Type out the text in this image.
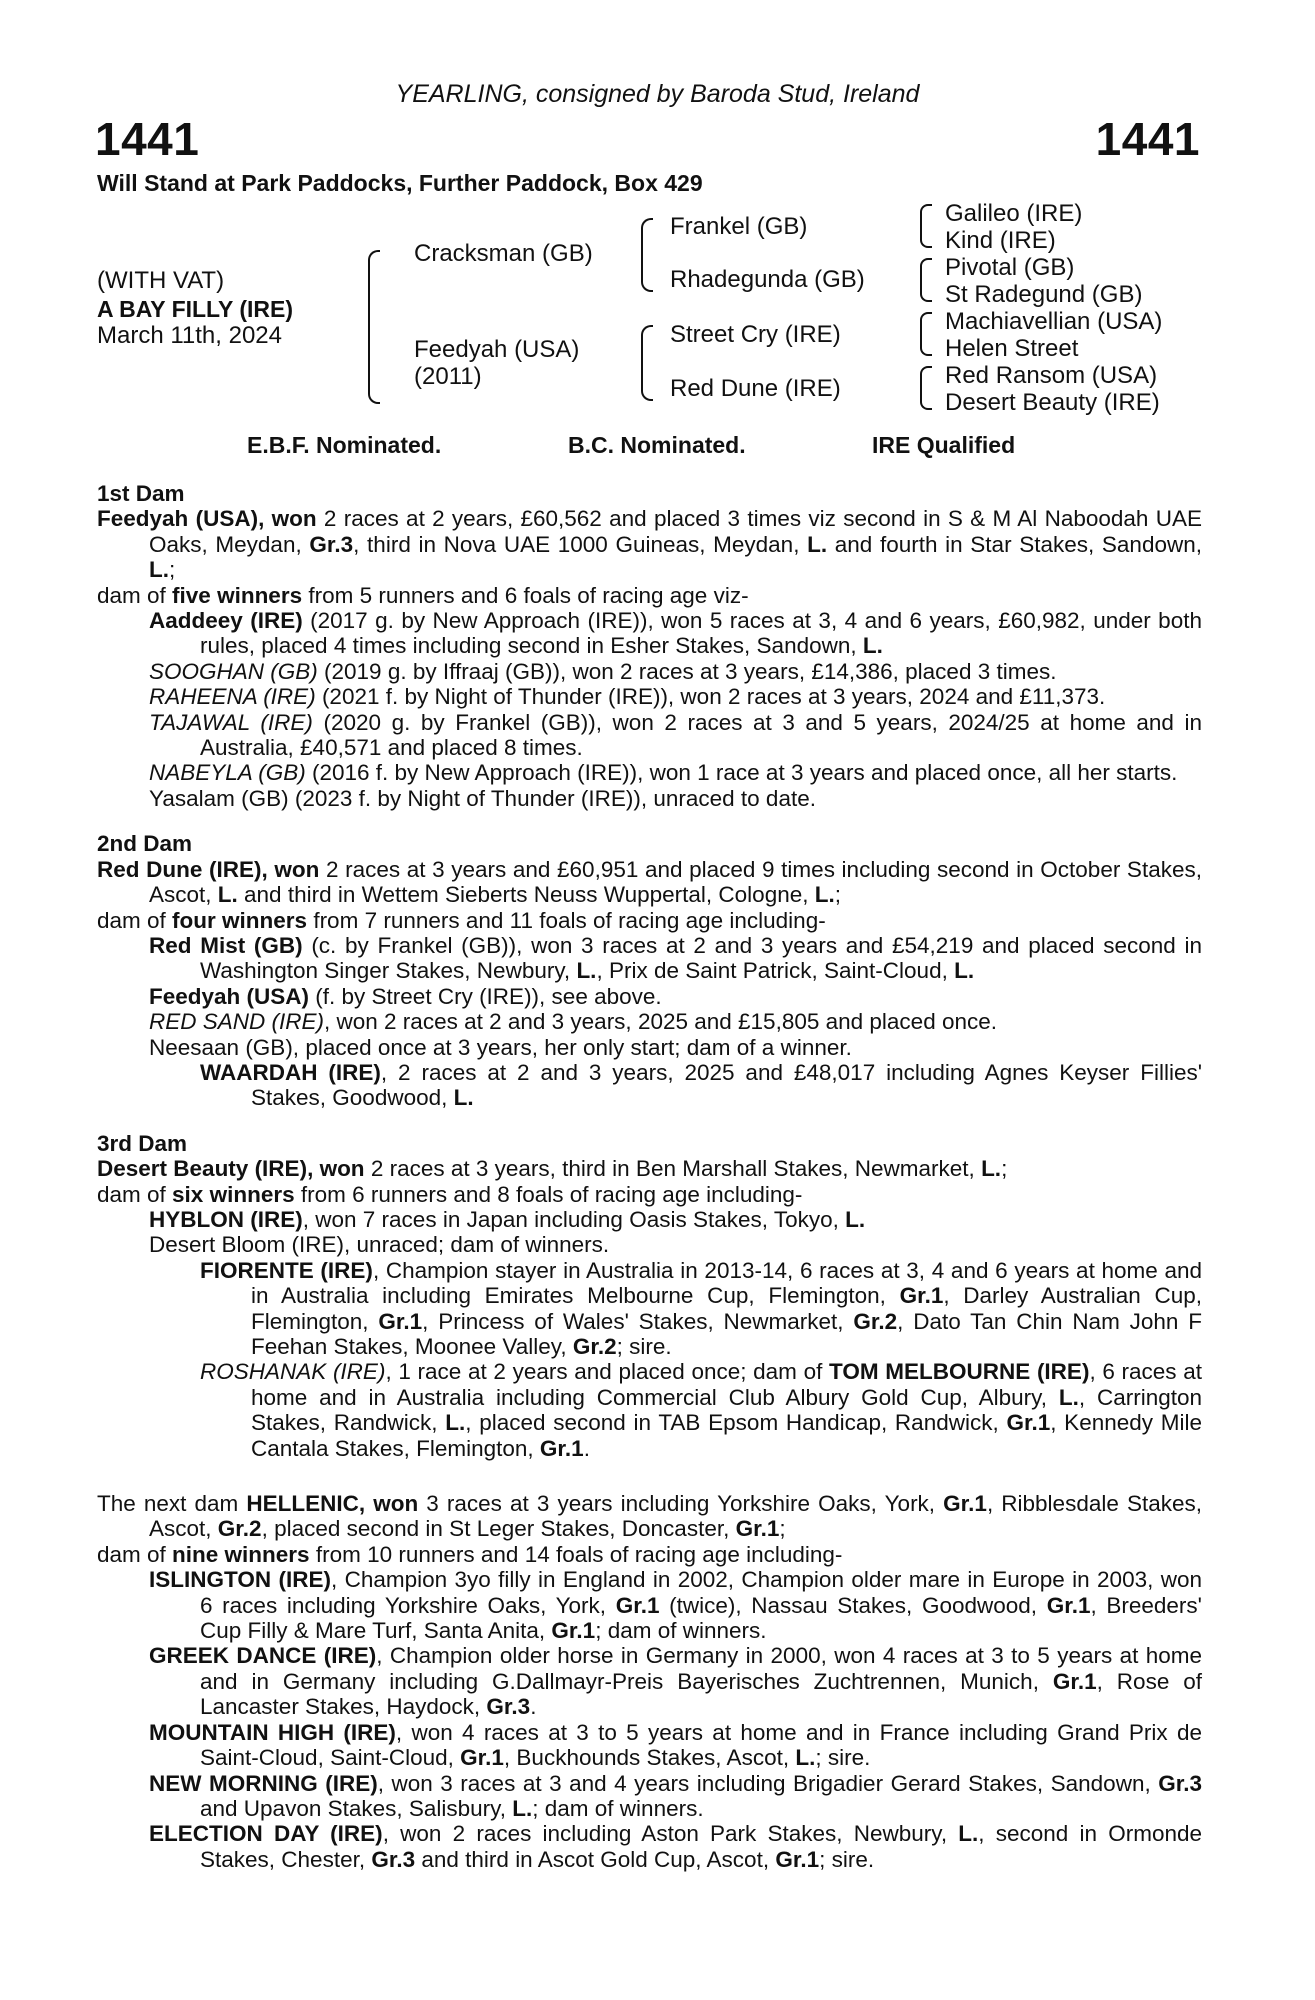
1441	1441
YEARLING, consigned by Baroda Stud, Ireland
Will Stand at Park Paddocks, Further Paddock, Box 429
(WITH VAT)
A BAY FILLY (IRE)
March 11th, 2024
Cracksman (GB)
Feedyah (USA)
(2011)
Frankel (GB)
Rhadegunda (GB)
Street Cry (IRE)
Red Dune (IRE)
Galileo (IRE)
Kind (IRE)
Pivotal (GB)
St Radegund (GB)
Machiavellian (USA)
Helen Street
Red Ransom (USA)
Desert Beauty (IRE)
E.B.F. Nominated.	B.C. Nominated.	IRE Qualified

1st Dam

Feedyah (USA), won 2 races at 2 years, £60,562 and placed 3 times viz second in S & M Al Naboodah UAE Oaks, Meydan, Gr.3, third in Nova UAE 1000 Guineas, Meydan, L. and fourth in Star Stakes, Sandown, L.;

dam of five winners from 5 runners and 6 foals of racing age viz-

Aaddeey (IRE) (2017 g. by New Approach (IRE)), won 5 races at 3, 4 and 6 years, £60,982, under both rules, placed 4 times including second in Esher Stakes, Sandown, L.

SOOGHAN (GB) (2019 g. by Iffraaj (GB)), won 2 races at 3 years, £14,386, placed 3 times.

RAHEENA (IRE) (2021 f. by Night of Thunder (IRE)), won 2 races at 3 years, 2024 and £11,373.

TAJAWAL (IRE) (2020 g. by Frankel (GB)), won 2 races at 3 and 5 years, 2024/25 at home and in Australia, £40,571 and placed 8 times.

NABEYLA (GB) (2016 f. by New Approach (IRE)), won 1 race at 3 years and placed once, all her starts.

Yasalam (GB) (2023 f. by Night of Thunder (IRE)), unraced to date.

2nd Dam

Red Dune (IRE), won 2 races at 3 years and £60,951 and placed 9 times including second in October Stakes, Ascot, L. and third in Wettem Sieberts Neuss Wuppertal, Cologne, L.;

dam of four winners from 7 runners and 11 foals of racing age including-

Red Mist (GB) (c. by Frankel (GB)), won 3 races at 2 and 3 years and £54,219 and placed second in Washington Singer Stakes, Newbury, L., Prix de Saint Patrick, Saint-Cloud, L.

Feedyah (USA) (f. by Street Cry (IRE)), see above.

RED SAND (IRE), won 2 races at 2 and 3 years, 2025 and £15,805 and placed once.

Neesaan (GB), placed once at 3 years, her only start; dam of a winner.

WAARDAH (IRE), 2 races at 2 and 3 years, 2025 and £48,017 including Agnes Keyser Fillies' Stakes, Goodwood, L.

3rd Dam

Desert Beauty (IRE), won 2 races at 3 years, third in Ben Marshall Stakes, Newmarket, L.;

dam of six winners from 6 runners and 8 foals of racing age including-

HYBLON (IRE), won 7 races in Japan including Oasis Stakes, Tokyo, L.

Desert Bloom (IRE), unraced; dam of winners.

FIORENTE (IRE), Champion stayer in Australia in 2013-14, 6 races at 3, 4 and 6 years at home and in Australia including Emirates Melbourne Cup, Flemington, Gr.1, Darley Australian Cup, Flemington, Gr.1, Princess of Wales' Stakes, Newmarket, Gr.2, Dato Tan Chin Nam John F Feehan Stakes, Moonee Valley, Gr.2; sire.

ROSHANAK (IRE), 1 race at 2 years and placed once; dam of TOM MELBOURNE (IRE), 6 races at home and in Australia including Commercial Club Albury Gold Cup, Albury, L., Carrington Stakes, Randwick, L., placed second in TAB Epsom Handicap, Randwick, Gr.1, Kennedy Mile Cantala Stakes, Flemington, Gr.1.

The next dam HELLENIC, won 3 races at 3 years including Yorkshire Oaks, York, Gr.1, Ribblesdale Stakes, Ascot, Gr.2, placed second in St Leger Stakes, Doncaster, Gr.1;

dam of nine winners from 10 runners and 14 foals of racing age including-

ISLINGTON (IRE), Champion 3yo filly in England in 2002, Champion older mare in Europe in 2003, won 6 races including Yorkshire Oaks, York, Gr.1 (twice), Nassau Stakes, Goodwood, Gr.1, Breeders' Cup Filly & Mare Turf, Santa Anita, Gr.1; dam of winners.

GREEK DANCE (IRE), Champion older horse in Germany in 2000, won 4 races at 3 to 5 years at home and in Germany including G.Dallmayr-Preis Bayerisches Zuchtrennen, Munich, Gr.1, Rose of Lancaster Stakes, Haydock, Gr.3.

MOUNTAIN HIGH (IRE), won 4 races at 3 to 5 years at home and in France including Grand Prix de Saint-Cloud, Saint-Cloud, Gr.1, Buckhounds Stakes, Ascot, L.; sire.

NEW MORNING (IRE), won 3 races at 3 and 4 years including Brigadier Gerard Stakes, Sandown, Gr.3 and Upavon Stakes, Salisbury, L.; dam of winners.

ELECTION DAY (IRE), won 2 races including Aston Park Stakes, Newbury, L., second in Ormonde Stakes, Chester, Gr.3 and third in Ascot Gold Cup, Ascot, Gr.1; sire.
